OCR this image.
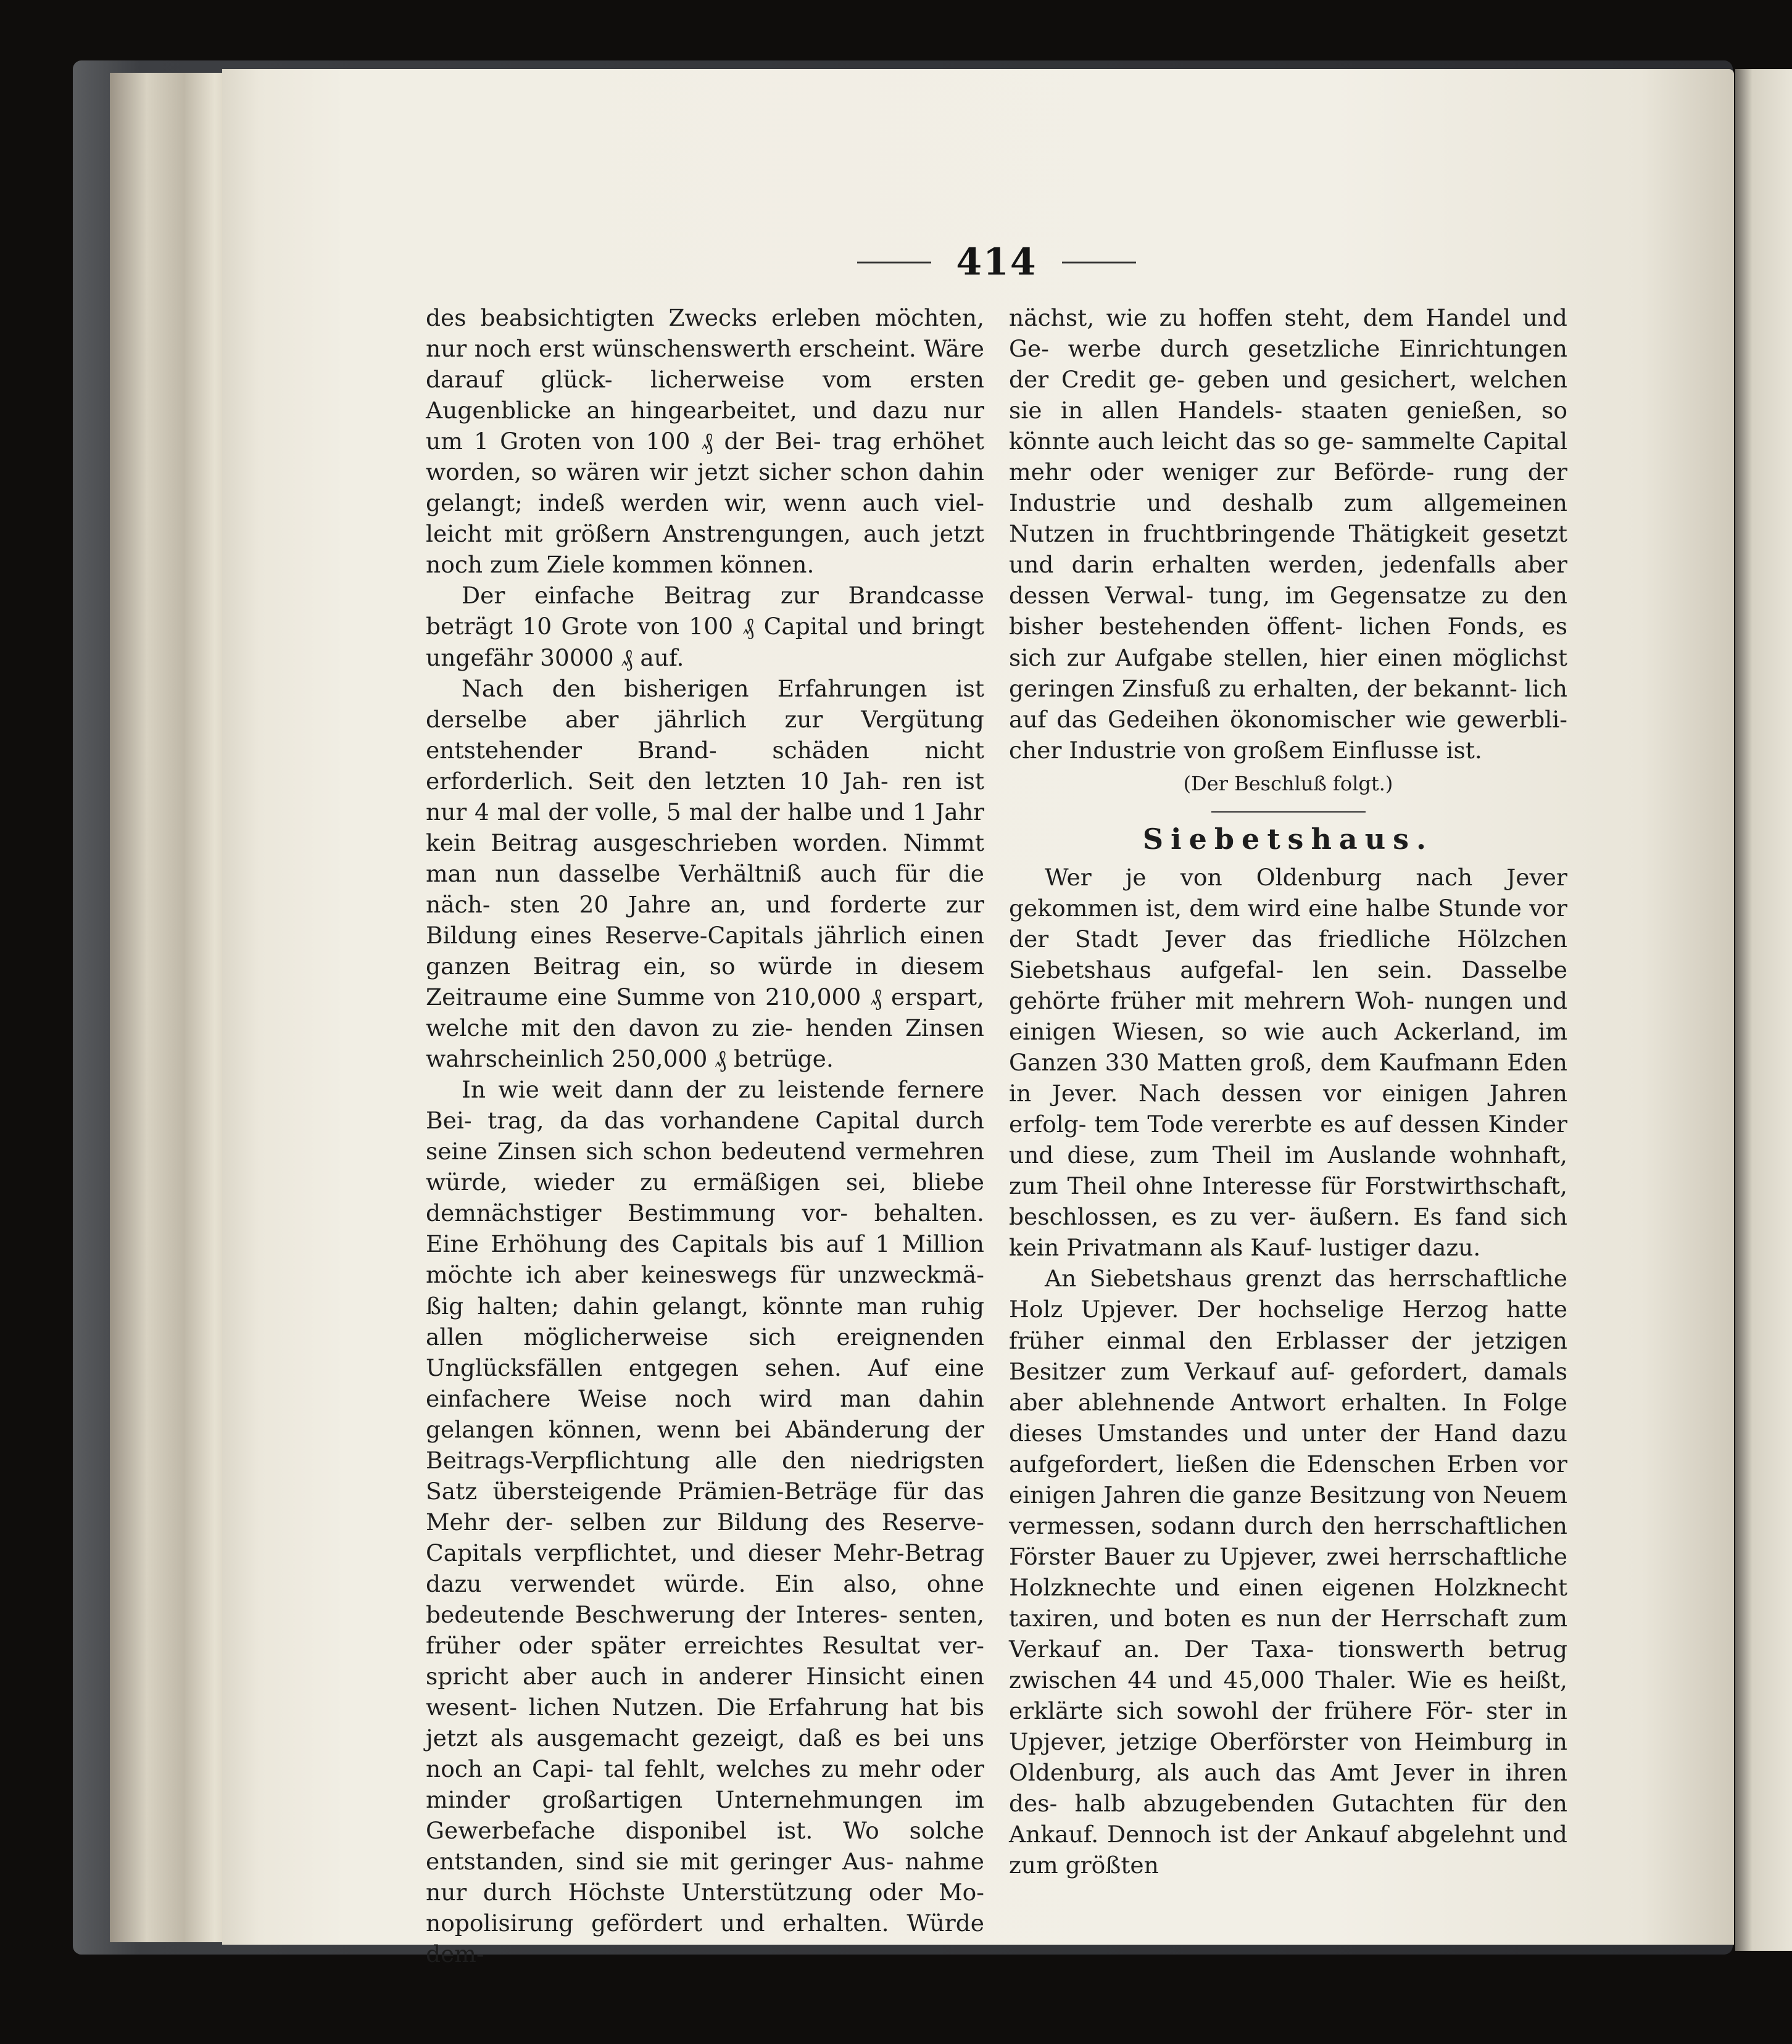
414

des beabsichtigten Zwecks erleben möchten, nur noch erst wünschenswerth erscheint. Wäre darauf glück- licherweise vom ersten Augenblicke an hingearbeitet, und dazu nur um 1 Groten von 100 ₰ der Bei- trag erhöhet worden, so wären wir jetzt sicher schon dahin gelangt; indeß werden wir, wenn auch viel- leicht mit größern Anstrengungen, auch jetzt noch zum Ziele kommen können.

Der einfache Beitrag zur Brandcasse beträgt 10 Grote von 100 ₰ Capital und bringt ungefähr 30000 ₰ auf.

Nach den bisherigen Erfahrungen ist derselbe aber jährlich zur Vergütung entstehender Brand- schäden nicht erforderlich. Seit den letzten 10 Jah- ren ist nur 4 mal der volle, 5 mal der halbe und 1 Jahr kein Beitrag ausgeschrieben worden. Nimmt man nun dasselbe Verhältniß auch für die näch- sten 20 Jahre an, und forderte zur Bildung eines Reserve-Capitals jährlich einen ganzen Beitrag ein, so würde in diesem Zeitraume eine Summe von 210,000 ₰ erspart, welche mit den davon zu zie- henden Zinsen wahrscheinlich 250,000 ₰ betrüge.

In wie weit dann der zu leistende fernere Bei- trag, da das vorhandene Capital durch seine Zinsen sich schon bedeutend vermehren würde, wieder zu ermäßigen sei, bliebe demnächstiger Bestimmung vor- behalten. Eine Erhöhung des Capitals bis auf 1 Million möchte ich aber keineswegs für unzweckmä- ßig halten; dahin gelangt, könnte man ruhig allen möglicherweise sich ereignenden Unglücksfällen entgegen sehen. Auf eine einfachere Weise noch wird man dahin gelangen können, wenn bei Abänderung der Beitrags-Verpflichtung alle den niedrigsten Satz übersteigende Prämien-Beträge für das Mehr der- selben zur Bildung des Reserve-Capitals verpflichtet, und dieser Mehr-Betrag dazu verwendet würde. Ein also, ohne bedeutende Beschwerung der Interes- senten, früher oder später erreichtes Resultat ver- spricht aber auch in anderer Hinsicht einen wesent- lichen Nutzen. Die Erfahrung hat bis jetzt als ausgemacht gezeigt, daß es bei uns noch an Capi- tal fehlt, welches zu mehr oder minder großartigen Unternehmungen im Gewerbefache disponibel ist. Wo solche entstanden, sind sie mit geringer Aus- nahme nur durch Höchste Unterstützung oder Mo- nopolisirung gefördert und erhalten. Würde dem-

nächst, wie zu hoffen steht, dem Handel und Ge- werbe durch gesetzliche Einrichtungen der Credit ge- geben und gesichert, welchen sie in allen Handels- staaten genießen, so könnte auch leicht das so ge- sammelte Capital mehr oder weniger zur Beförde- rung der Industrie und deshalb zum allgemeinen Nutzen in fruchtbringende Thätigkeit gesetzt und darin erhalten werden, jedenfalls aber dessen Verwal- tung, im Gegensatze zu den bisher bestehenden öffent- lichen Fonds, es sich zur Aufgabe stellen, hier einen möglichst geringen Zinsfuß zu erhalten, der bekannt- lich auf das Gedeihen ökonomischer wie gewerbli- cher Industrie von großem Einflusse ist.

(Der Beschluß folgt.)

Siebetshaus.

Wer je von Oldenburg nach Jever gekommen ist, dem wird eine halbe Stunde vor der Stadt Jever das friedliche Hölzchen Siebetshaus aufgefal- len sein. Dasselbe gehörte früher mit mehrern Woh- nungen und einigen Wiesen, so wie auch Ackerland, im Ganzen 330 Matten groß, dem Kaufmann Eden in Jever. Nach dessen vor einigen Jahren erfolg- tem Tode vererbte es auf dessen Kinder und diese, zum Theil im Auslande wohnhaft, zum Theil ohne Interesse für Forstwirthschaft, beschlossen, es zu ver- äußern. Es fand sich kein Privatmann als Kauf- lustiger dazu.

An Siebetshaus grenzt das herrschaftliche Holz Upjever. Der hochselige Herzog hatte früher einmal den Erblasser der jetzigen Besitzer zum Verkauf auf- gefordert, damals aber ablehnende Antwort erhalten. In Folge dieses Umstandes und unter der Hand dazu aufgefordert, ließen die Edenschen Erben vor einigen Jahren die ganze Besitzung von Neuem vermessen, sodann durch den herrschaftlichen Förster Bauer zu Upjever, zwei herrschaftliche Holzknechte und einen eigenen Holzknecht taxiren, und boten es nun der Herrschaft zum Verkauf an. Der Taxa- tionswerth betrug zwischen 44 und 45,000 Thaler. Wie es heißt, erklärte sich sowohl der frühere För- ster in Upjever, jetzige Oberförster von Heimburg in Oldenburg, als auch das Amt Jever in ihren des- halb abzugebenden Gutachten für den Ankauf. Dennoch ist der Ankauf abgelehnt und zum größten
